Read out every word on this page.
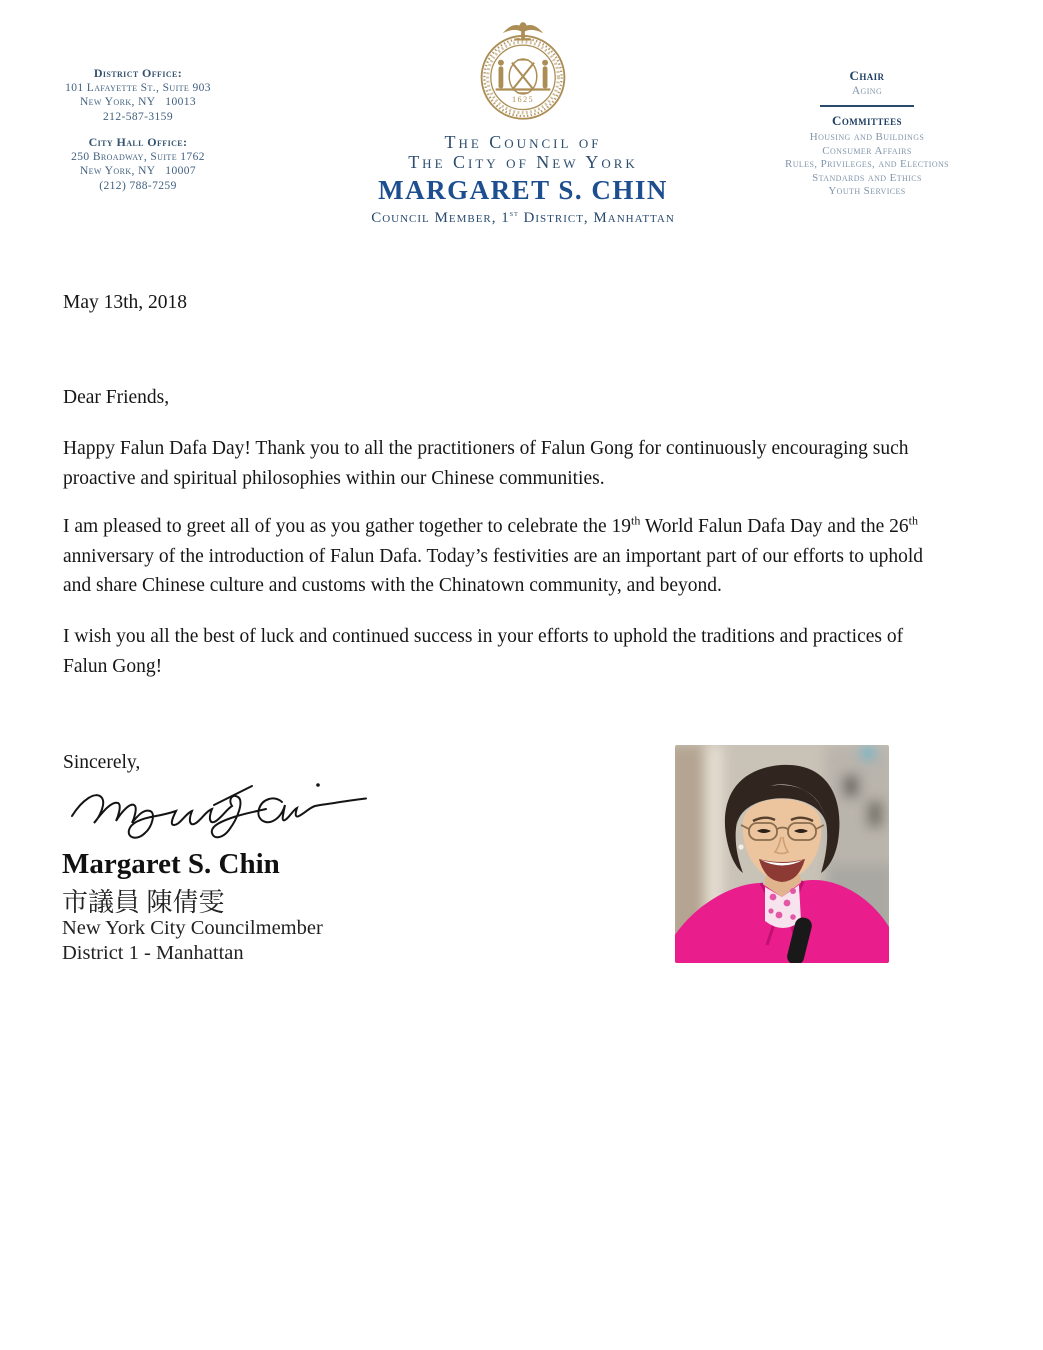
District Office:
101 Lafayette St., Suite 903
New York, NY   10013
212-587-3159
City Hall Office:
250 Broadway, Suite 1762
New York, NY   10007
(212) 788-7259
1625
The Council of
The City of New York
MARGARET S. CHIN
Council Member, 1st District, Manhattan
Chair
Aging
Committees
Housing and Buildings
Consumer Affairs
Rules, Privileges, and Elections
Standards and Ethics
Youth Services
May 13th, 2018
Dear Friends,
Happy Falun Dafa Day! Thank you to all the practitioners of Falun Gong for continuously encouraging such
proactive and spiritual philosophies within our Chinese communities.
I am pleased to greet all of you as you gather together to celebrate the 19th World Falun Dafa Day and the 26th
anniversary of the introduction of Falun Dafa. Today’s festivities are an important part of our efforts to uphold
and share Chinese culture and customs with the Chinatown community, and beyond.
I wish you all the best of luck and continued success in your efforts to uphold the traditions and practices of
Falun Gong!
Sincerely,
Margaret S. Chin
市議員 陳倩雯
New York City Councilmember
District 1 - Manhattan
